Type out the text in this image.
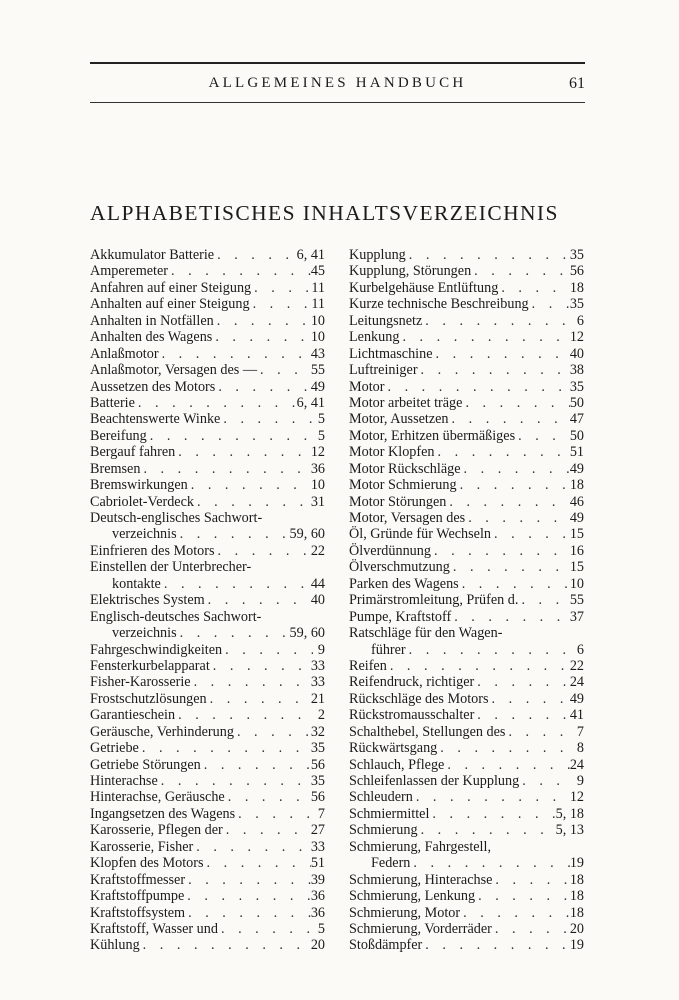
ALLGEMEINES HANDBUCH	61
ALPHABETISCHES INHALTSVERZEICHNIS
Akkumulator Batterie . . .	6, 41
Amperemeter . . .	45
Anfahren auf einer Steigung . . .	11
Anhalten auf einer Steigung . . .	11
Anhalten in Notfällen . . .	10
Anhalten des Wagens . . .	10
Anlaßmotor . . .	43
Anlaßmotor, Versagen des — . . .	55
Aussetzen des Motors . . .	49
Batterie . . .	6, 41
Beachtenswerte Winke . . .	5
Bereifung . . .	5
Bergauf fahren . . .	12
Bremsen . . .	36
Bremswirkungen . . .	10
Cabriolet-Verdeck . . .	31
Deutsch-englisches Sachwort-
verzeichnis . . .	59, 60
Einfrieren des Motors . . .	22
Einstellen der Unterbrecher-
kontakte . . .	44
Elektrisches System . . .	40
Englisch-deutsches Sachwort-
verzeichnis . . .	59, 60
Fahrgeschwindigkeiten . . .	9
Fensterkurbelapparat . . .	33
Fisher-Karosserie . . .	33
Frostschutzlösungen . . .	21
Garantieschein . . .	2
Geräusche, Verhinderung . . .	32
Getriebe . . .	35
Getriebe Störungen . . .	56
Hinterachse . . .	35
Hinterachse, Geräusche . . .	56
Ingangsetzen des Wagens . . .	7
Karosserie, Pflegen der . . .	27
Karosserie, Fisher . . .	33
Klopfen des Motors . . .	51
Kraftstoffmesser . . .	39
Kraftstoffpumpe . . .	36
Kraftstoffsystem . . .	36
Kraftstoff, Wasser und . . .	5
Kühlung . . .	20
Kupplung . . .	35
Kupplung, Störungen . . .	56
Kurbelgehäuse Entlüftung . . .	18
Kurze technische Beschreibung . . .	35
Leitungsnetz . . .	6
Lenkung . . .	12
Lichtmaschine . . .	40
Luftreiniger . . .	38
Motor . . .	35
Motor arbeitet träge . . .	50
Motor, Aussetzen . . .	47
Motor, Erhitzen übermäßiges . . .	50
Motor Klopfen . . .	51
Motor Rückschläge . . .	49
Motor Schmierung . . .	18
Motor Störungen . . .	46
Motor, Versagen des . . .	49
Öl, Gründe für Wechseln . . .	15
Ölverdünnung . . .	16
Ölverschmutzung . . .	15
Parken des Wagens . . .	10
Primärstromleitung, Prüfen d. . . .	55
Pumpe, Kraftstoff . . .	37
Ratschläge für den Wagen-
führer . . .	6
Reifen . . .	22
Reifendruck, richtiger . . .	24
Rückschläge des Motors . . .	49
Rückstromausschalter . . .	41
Schalthebel, Stellungen des . . .	7
Rückwärtsgang . . .	8
Schlauch, Pflege . . .	24
Schleifenlassen der Kupplung . . .	9
Schleudern . . .	12
Schmiermittel . . .	5, 18
Schmierung . . .	5, 13
Schmierung, Fahrgestell,
Federn . . .	19
Schmierung, Hinterachse . . .	18
Schmierung, Lenkung . . .	18
Schmierung, Motor . . .	18
Schmierung, Vorderräder . . .	20
Stoßdämpfer . . .	19
